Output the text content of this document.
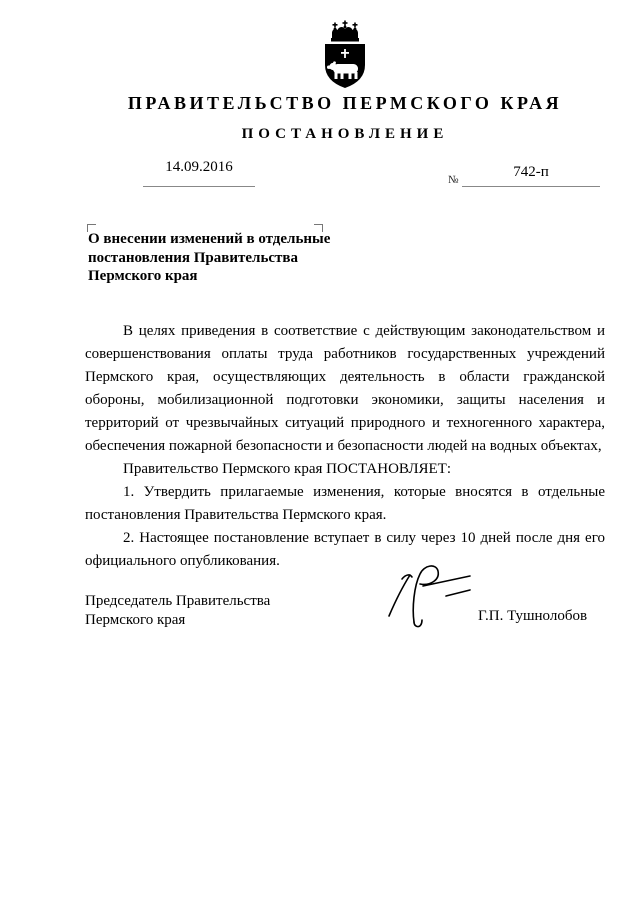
ПРАВИТЕЛЬСТВО ПЕРМСКОГО КРАЯ
ПОСТАНОВЛЕНИЕ
14.09.2016
№	742-п
О внесении изменений в отдельные постановления Правительства Пермского края

В целях приведения в соответствие с действующим законодательством и совершенствования оплаты труда работников государственных учреждений Пермского края, осуществляющих деятельность в области гражданской обороны, мобилизационной подготовки экономики, защиты населения и территорий от чрезвычайных ситуаций природного и техногенного характера, обеспечения пожарной безопасности и безопасности людей на водных объектах,

Правительство Пермского края ПОСТАНОВЛЯЕТ:

1. Утвердить прилагаемые изменения, которые вносятся в отдельные постановления Правительства Пермского края.

2. Настоящее постановление вступает в силу через 10 дней после дня его официального опубликования.

Председатель Правительства Пермского края	Г.П. Тушнолобов
